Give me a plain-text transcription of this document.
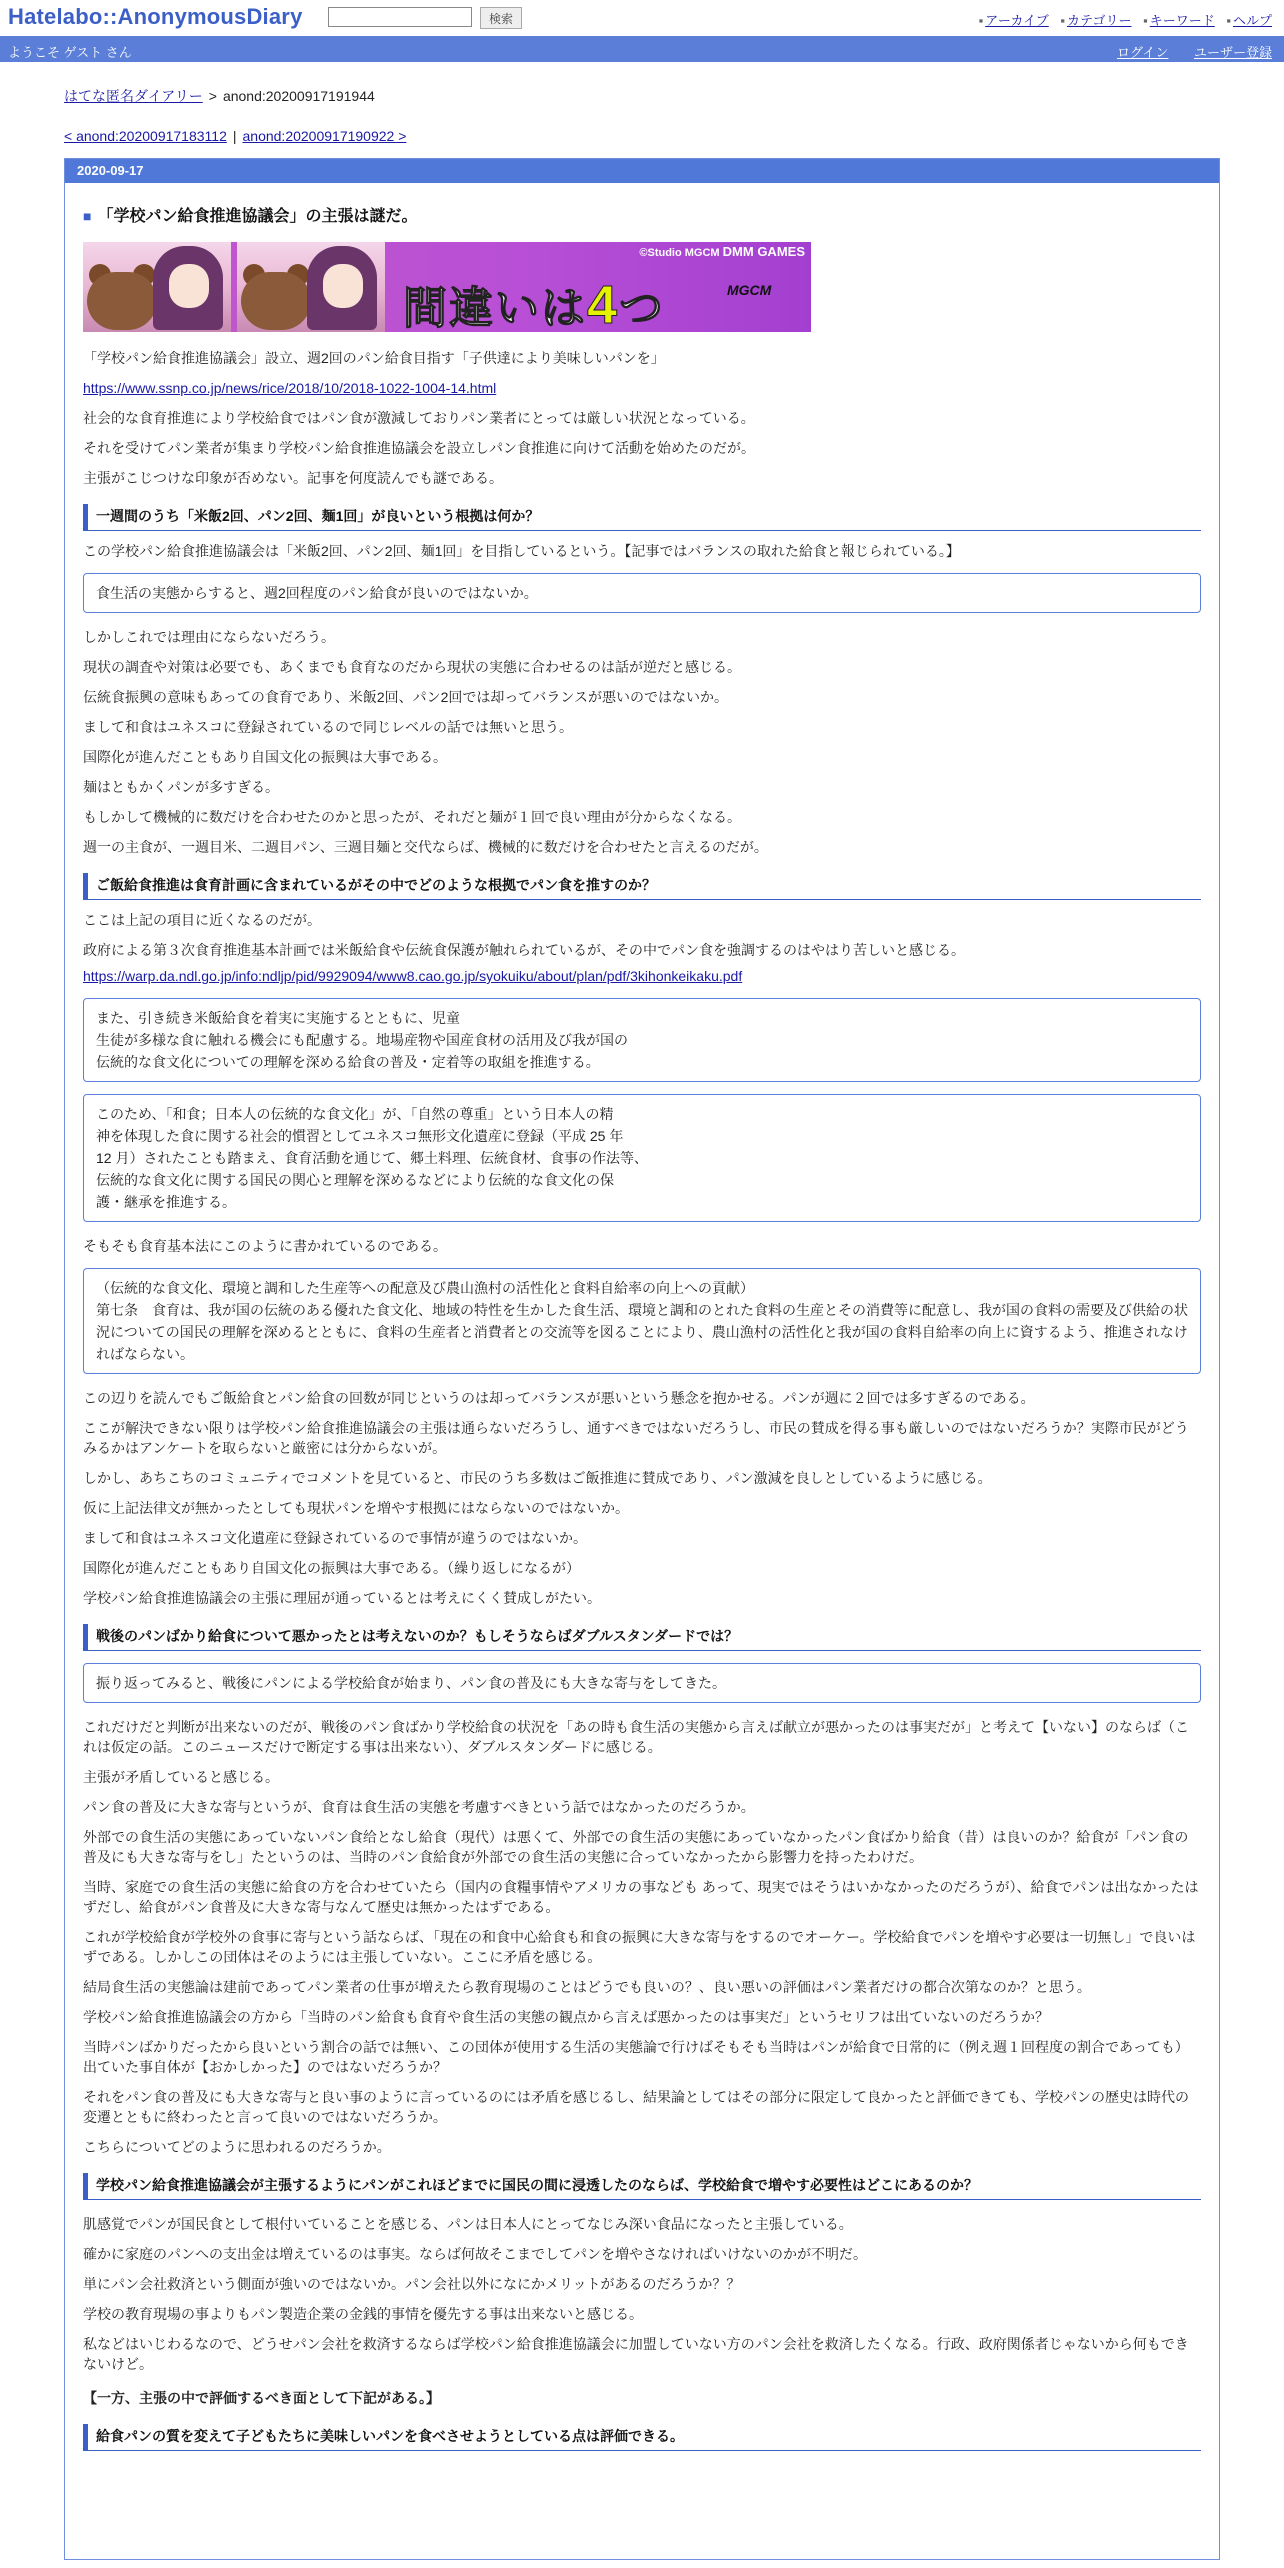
Hatelabo::AnonymousDiary	検索	▪ アーカイブ ▪ カテゴリー ▪ キーワード ▪ ヘルプ
ようこそ ゲスト さん	ログイン ユーザー登録
はてな匿名ダイアリー > anond:20200917191944
< anond:20200917183112 | anond:20200917190922 >
2020-09-17
■ 「学校パン給食推進協議会」の主張は謎だ。
©Studio MGCM DMM GAMES
間違いは4つ	MGCM

「学校パン給食推進協議会」設立、週2回のパン給食目指す「子供達により美味しいパンを」

https://www.ssnp.co.jp/news/rice/2018/10/2018-1022-1004-14.html

社会的な食育推進により学校給食ではパン食が激減しておりパン業者にとっては厳しい状況となっている。

それを受けてパン業者が集まり学校パン給食推進協議会を設立しパン食推進に向けて活動を始めたのだが。

主張がこじつけな印象が否めない。記事を何度読んでも謎である。

一週間のうち「米飯2回、パン2回、麺1回」が良いという根拠は何か？

この学校パン給食推進協議会は「米飯2回、パン2回、麺1回」を目指しているという。【記事ではバランスの取れた給食と報じられている。】

食生活の実態からすると、週2回程度のパン給食が良いのではないか。

しかしこれでは理由にならないだろう。

現状の調査や対策は必要でも、あくまでも食育なのだから現状の実態に合わせるのは話が逆だと感じる。

伝統食振興の意味もあっての食育であり、米飯2回、パン2回では却ってバランスが悪いのではないか。

まして和食はユネスコに登録されているので同じレベルの話では無いと思う。

国際化が進んだこともあり自国文化の振興は大事である。

麺はともかくパンが多すぎる。

もしかして機械的に数だけを合わせたのかと思ったが、それだと麺が１回で良い理由が分からなくなる。

週一の主食が、一週目米、二週目パン、三週目麺と交代ならば、機械的に数だけを合わせたと言えるのだが。

ご飯給食推進は食育計画に含まれているがその中でどのような根拠でパン食を推すのか？

ここは上記の項目に近くなるのだが。

政府による第３次食育推進基本計画では米飯給食や伝統食保護が触れられているが、その中でパン食を強調するのはやはり苦しいと感じる。

https://warp.da.ndl.go.jp/info:ndljp/pid/9929094/www8.cao.go.jp/syokuiku/about/plan/pdf/3kihonkeikaku.pdf

また、引き続き米飯給食を着実に実施するとともに、児童
生徒が多様な食に触れる機会にも配慮する。地場産物や国産食材の活用及び我が国の
伝統的な食文化についての理解を深める給食の普及・定着等の取組を推進する。
このため、「和食；日本人の伝統的な食文化」が、「自然の尊重」という日本人の精
神を体現した食に関する社会的慣習としてユネスコ無形文化遺産に登録（平成 25 年
12 月）されたことも踏まえ、食育活動を通じて、郷土料理、伝統食材、食事の作法等、
伝統的な食文化に関する国民の関心と理解を深めるなどにより伝統的な食文化の保
護・継承を推進する。

そもそも食育基本法にこのように書かれているのである。

（伝統的な食文化、環境と調和した生産等への配意及び農山漁村の活性化と食料自給率の向上への貢献）
第七条　食育は、我が国の伝統のある優れた食文化、地域の特性を生かした食生活、環境と調和のとれた食料の生産とその消費等に配意し、我が国の食料の需要及び供給の状況についての国民の理解を深めるとともに、食料の生産者と消費者との交流等を図ることにより、農山漁村の活性化と我が国の食料自給率の向上に資するよう、推進されなければならない。

この辺りを読んでもご飯給食とパン給食の回数が同じというのは却ってバランスが悪いという懸念を抱かせる。パンが週に２回では多すぎるのである。

ここが解決できない限りは学校パン給食推進協議会の主張は通らないだろうし、通すべきではないだろうし、市民の賛成を得る事も厳しいのではないだろうか？実際市民がどうみるかはアンケートを取らないと厳密には分からないが。

しかし、あちこちのコミュニティでコメントを見ていると、市民のうち多数はご飯推進に賛成であり、パン激減を良しとしているように感じる。

仮に上記法律文が無かったとしても現状パンを増やす根拠にはならないのではないか。

まして和食はユネスコ文化遺産に登録されているので事情が違うのではないか。

国際化が進んだこともあり自国文化の振興は大事である。（繰り返しになるが）

学校パン給食推進協議会の主張に理屈が通っているとは考えにくく賛成しがたい。

戦後のパンばかり給食について悪かったとは考えないのか？もしそうならばダブルスタンダードでは？
振り返ってみると、戦後にパンによる学校給食が始まり、パン食の普及にも大きな寄与をしてきた。

これだけだと判断が出来ないのだが、戦後のパン食ばかり学校給食の状況を「あの時も食生活の実態から言えば献立が悪かったのは事実だが」と考えて【いない】のならば（これは仮定の話。このニュースだけで断定する事は出来ない）、ダブルスタンダードに感じる。

主張が矛盾していると感じる。

パン食の普及に大きな寄与というが、食育は食生活の実態を考慮すべきという話ではなかったのだろうか。

外部での食生活の実態にあっていないパン食给となし給食（現代）は悪くて、外部での食生活の実態にあっていなかったパン食ばかり給食（昔）は良いのか？給食が「パン食の普及にも大きな寄与をし」たというのは、当時のパン食給食が外部での食生活の実態に合っていなかったから影響力を持ったわけだ。

当時、家庭での食生活の実態に給食の方を合わせていたら（国内の食糧事情やアメリカの事なども あって、現実ではそうはいかなかったのだろうが）、給食でパンは出なかったはずだし、給食がパン食普及に大きな寄与なんて歴史は無かったはずである。

これが学校給食が学校外の食事に寄与という話ならば、「現在の和食中心給食も和食の振興に大きな寄与をするのでオーケー。学校給食でパンを増やす必要は一切無し」で良いはずである。しかしこの団体はそのようには主張していない。ここに矛盾を感じる。

結局食生活の実態論は建前であってパン業者の仕事が増えたら教育現場のことはどうでも良いの？、良い悪いの評価はパン業者だけの都合次第なのか？と思う。

学校パン給食推進協議会の方から「当時のパン給食も食育や食生活の実態の観点から言えば悪かったのは事実だ」というセリフは出ていないのだろうか？

当時パンばかりだったから良いという割合の話では無い、この団体が使用する生活の実態論で行けばそもそも当時はパンが給食で日常的に（例え週１回程度の割合であっても）出ていた事自体が【おかしかった】のではないだろうか？

それをパン食の普及にも大きな寄与と良い事のように言っているのには矛盾を感じるし、結果論としてはその部分に限定して良かったと評価できても、学校パンの歴史は時代の変遷とともに終わったと言って良いのではないだろうか。

こちらについてどのように思われるのだろうか。

学校パン給食推進協議会が主張するようにパンがこれほどまでに国民の間に浸透したのならば、学校給食で増やす必要性はどこにあるのか？

肌感覚でパンが国民食として根付いていることを感じる、パンは日本人にとってなじみ深い食品になったと主張している。

確かに家庭のパンへの支出金は増えているのは事実。ならば何故そこまでしてパンを増やさなければいけないのかが不明だ。

単にパン会社救済という側面が強いのではないか。パン会社以外になにかメリットがあるのだろうか？？

学校の教育現場の事よりもパン製造企業の金銭的事情を優先する事は出来ないと感じる。

私などはいじわるなので、どうせパン会社を救済するならば学校パン給食推進協議会に加盟していない方のパン会社を救済したくなる。行政、政府関係者じゃないから何もできないけど。

【一方、主張の中で評価するべき面として下記がある。】

給食パンの質を変えて子どもたちに美味しいパンを食べさせようとしている点は評価できる。
